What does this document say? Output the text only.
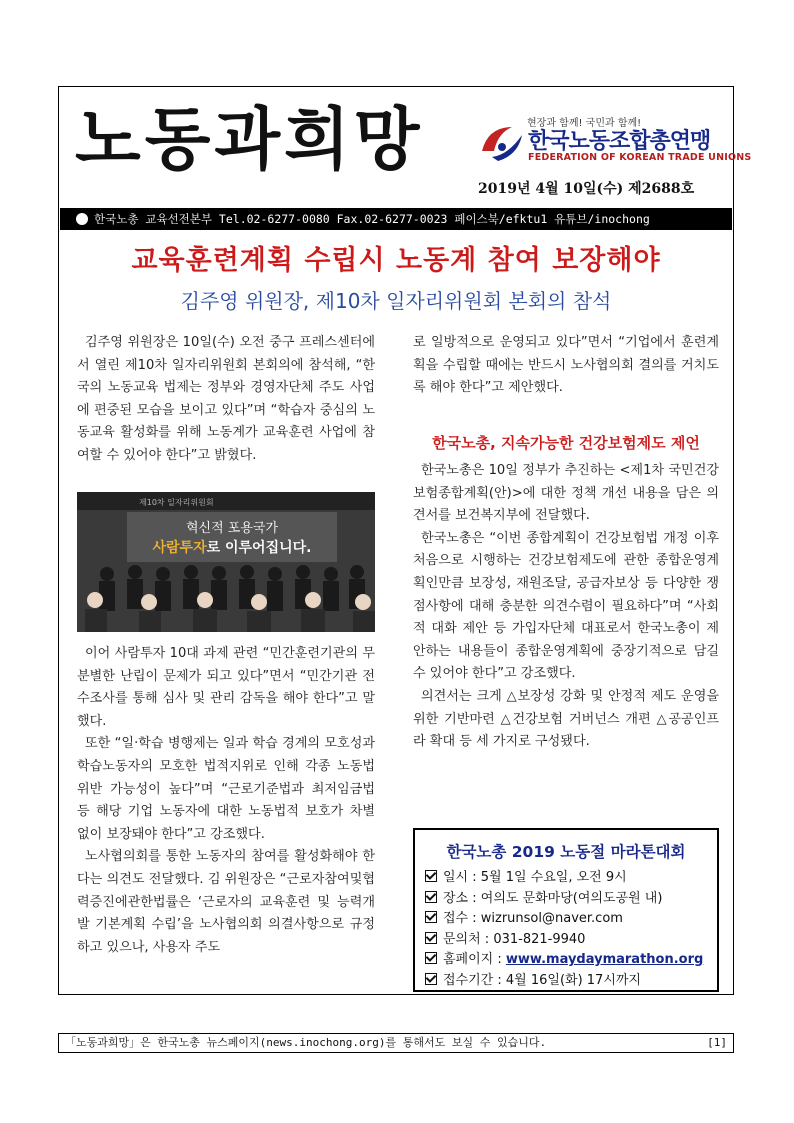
노동과희망	현장과 함께! 국민과 함께!
한국노동조합총연맹
FEDERATION OF KOREAN TRADE UNIONS
2019년 4월 10일(수) 제2688호
한국노총 교육선전본부 Tel.02-6277-0080 Fax.02-6277-0023 페이스북/efktu1 유튜브/inochong
교육훈련계획 수립시 노동계 참여 보장해야
김주영 위원장, 제10차 일자리위원회 본회의 참석

김주영 위원장은 10일(수) 오전 중구 프레스센터에서 열린 제10차 일자리위원회 본회의에 참석해, “한국의 노동교육 법제는 정부와 경영자단체 주도 사업에 편중된 모습을 보이고 있다”며 “학습자 중심의 노동교육 활성화를 위해 노동계가 교육훈련 사업에 참여할 수 있어야 한다”고 밝혔다.

제10차 일자리위원회
혁신적 포용국가
사람투자로 이루어집니다.

이어 사람투자 10대 과제 관련 “민간훈련기관의 무분별한 난립이 문제가 되고 있다”면서 “민간기관 전수조사를 통해 심사 및 관리 감독을 해야 한다”고 말했다.

또한 “일·학습 병행제는 일과 학습 경계의 모호성과 학습노동자의 모호한 법적지위로 인해 각종 노동법 위반 가능성이 높다”며 “근로기준법과 최저임금법 등 해당 기업 노동자에 대한 노동법적 보호가 차별 없이 보장돼야 한다”고 강조했다.

노사협의회를 통한 노동자의 참여를 활성화해야 한다는 의견도 전달했다. 김 위원장은 “근로자참여및협력증진에관한법률은 ‘근로자의 교육훈련 및 능력개발 기본계획 수립’을 노사협의회 의결사항으로 규정하고 있으나, 사용자 주도

로 일방적으로 운영되고 있다”면서 “기업에서 훈련계획을 수립할 때에는 반드시 노사협의회 결의를 거치도록 해야 한다”고 제안했다.

한국노총, 지속가능한 건강보험제도 제언

한국노총은 10일 정부가 추진하는 <제1차 국민건강보험종합계획(안)>에 대한 정책 개선 내용을 담은 의견서를 보건복지부에 전달했다.

한국노총은 “이번 종합계획이 건강보험법 개정 이후 처음으로 시행하는 건강보험제도에 관한 종합운영계획인만큼 보장성, 재원조달, 공급자보상 등 다양한 쟁점사항에 대해 충분한 의견수렴이 필요하다”며 “사회적 대화 제안 등 가입자단체 대표로서 한국노총이 제안하는 내용들이 종합운영계획에 중장기적으로 담길 수 있어야 한다”고 강조했다.

의견서는 크게 △보장성 강화 및 안정적 제도 운영을 위한 기반마련 △건강보험 거버넌스 개편 △공공인프라 확대 등 세 가지로 구성됐다.

한국노총 2019 노동절 마라톤대회
일시 : 5월 1일 수요일, 오전 9시
장소 : 여의도 문화마당(여의도공원 내)
접수 : wizrunsol@naver.com
문의처 : 031-821-9940
홈페이지 : www.maydaymarathon.org
접수기간 : 4월 16일(화) 17시까지
「노동과희망」은 한국노총 뉴스페이지(news.inochong.org)를 통해서도 보실 수 있습니다.	[1]
